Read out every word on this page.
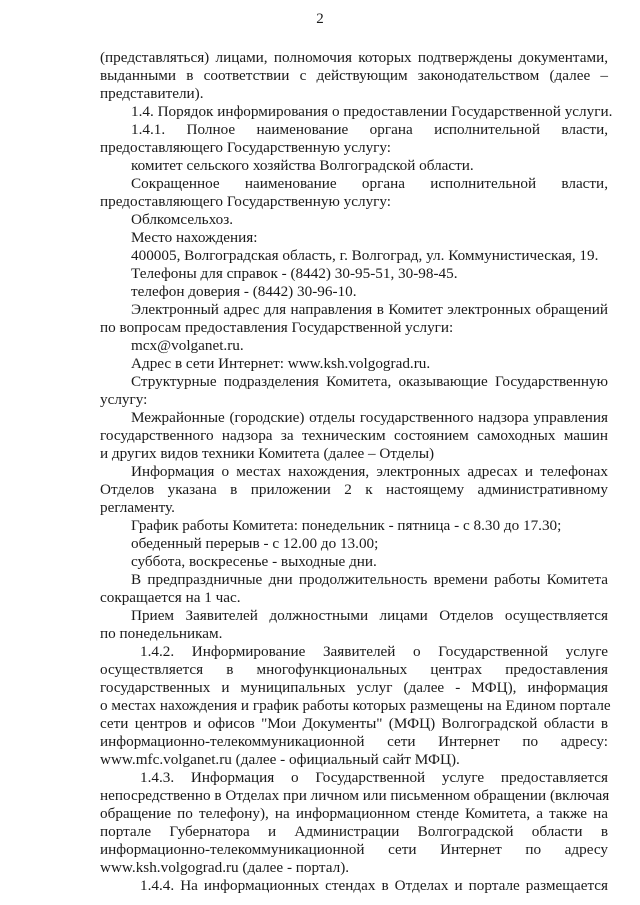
2
(представляться) лицами, полномочия которых подтверждены документами,
выданными в соответствии с действующим законодательством (далее –
представители).
1.4. Порядок информирования о предоставлении Государственной услуги.
1.4.1. Полное наименование органа исполнительной власти,
предоставляющего Государственную услугу:
комитет сельского хозяйства Волгоградской области.
Сокращенное наименование органа исполнительной власти,
предоставляющего Государственную услугу:
Облкомсельхоз.
Место нахождения:
400005, Волгоградская область, г. Волгоград, ул. Коммунистическая, 19.
Телефоны для справок - (8442) 30-95-51, 30-98-45.
телефон доверия - (8442) 30-96-10.
Электронный адрес для направления в Комитет электронных обращений
по вопросам предоставления Государственной услуги:
mcx@volganet.ru.
Адрес в сети Интернет: www.ksh.volgograd.ru.
Структурные подразделения Комитета, оказывающие Государственную
услугу:
Межрайонные (городские) отделы государственного надзора управления
государственного надзора за техническим состоянием самоходных машин
и других видов техники Комитета (далее – Отделы)
Информация о местах нахождения, электронных адресах и телефонах
Отделов указана в приложении 2 к настоящему административному
регламенту.
График работы Комитета: понедельник - пятница - с 8.30 до 17.30;
обеденный перерыв - с 12.00 до 13.00;
суббота, воскресенье - выходные дни.
В предпраздничные дни продолжительность времени работы Комитета
сокращается на 1 час.
Прием Заявителей должностными лицами Отделов осуществляется
по понедельникам.
1.4.2. Информирование Заявителей о Государственной услуге
осуществляется в многофункциональных центрах предоставления
государственных и муниципальных услуг (далее - МФЦ), информация
о местах нахождения и график работы которых размещены на Едином портале
сети центров и офисов "Мои Документы" (МФЦ) Волгоградской области в
информационно-телекоммуникационной сети Интернет по адресу:
www.mfc.volganet.ru (далее - официальный сайт МФЦ).
1.4.3. Информация о Государственной услуге предоставляется
непосредственно в Отделах при личном или письменном обращении (включая
обращение по телефону), на информационном стенде Комитета, а также на
портале Губернатора и Администрации Волгоградской области в
информационно-телекоммуникационной сети Интернет по адресу
www.ksh.volgograd.ru (далее - портал).
1.4.4. На информационных стендах в Отделах и портале размещается
